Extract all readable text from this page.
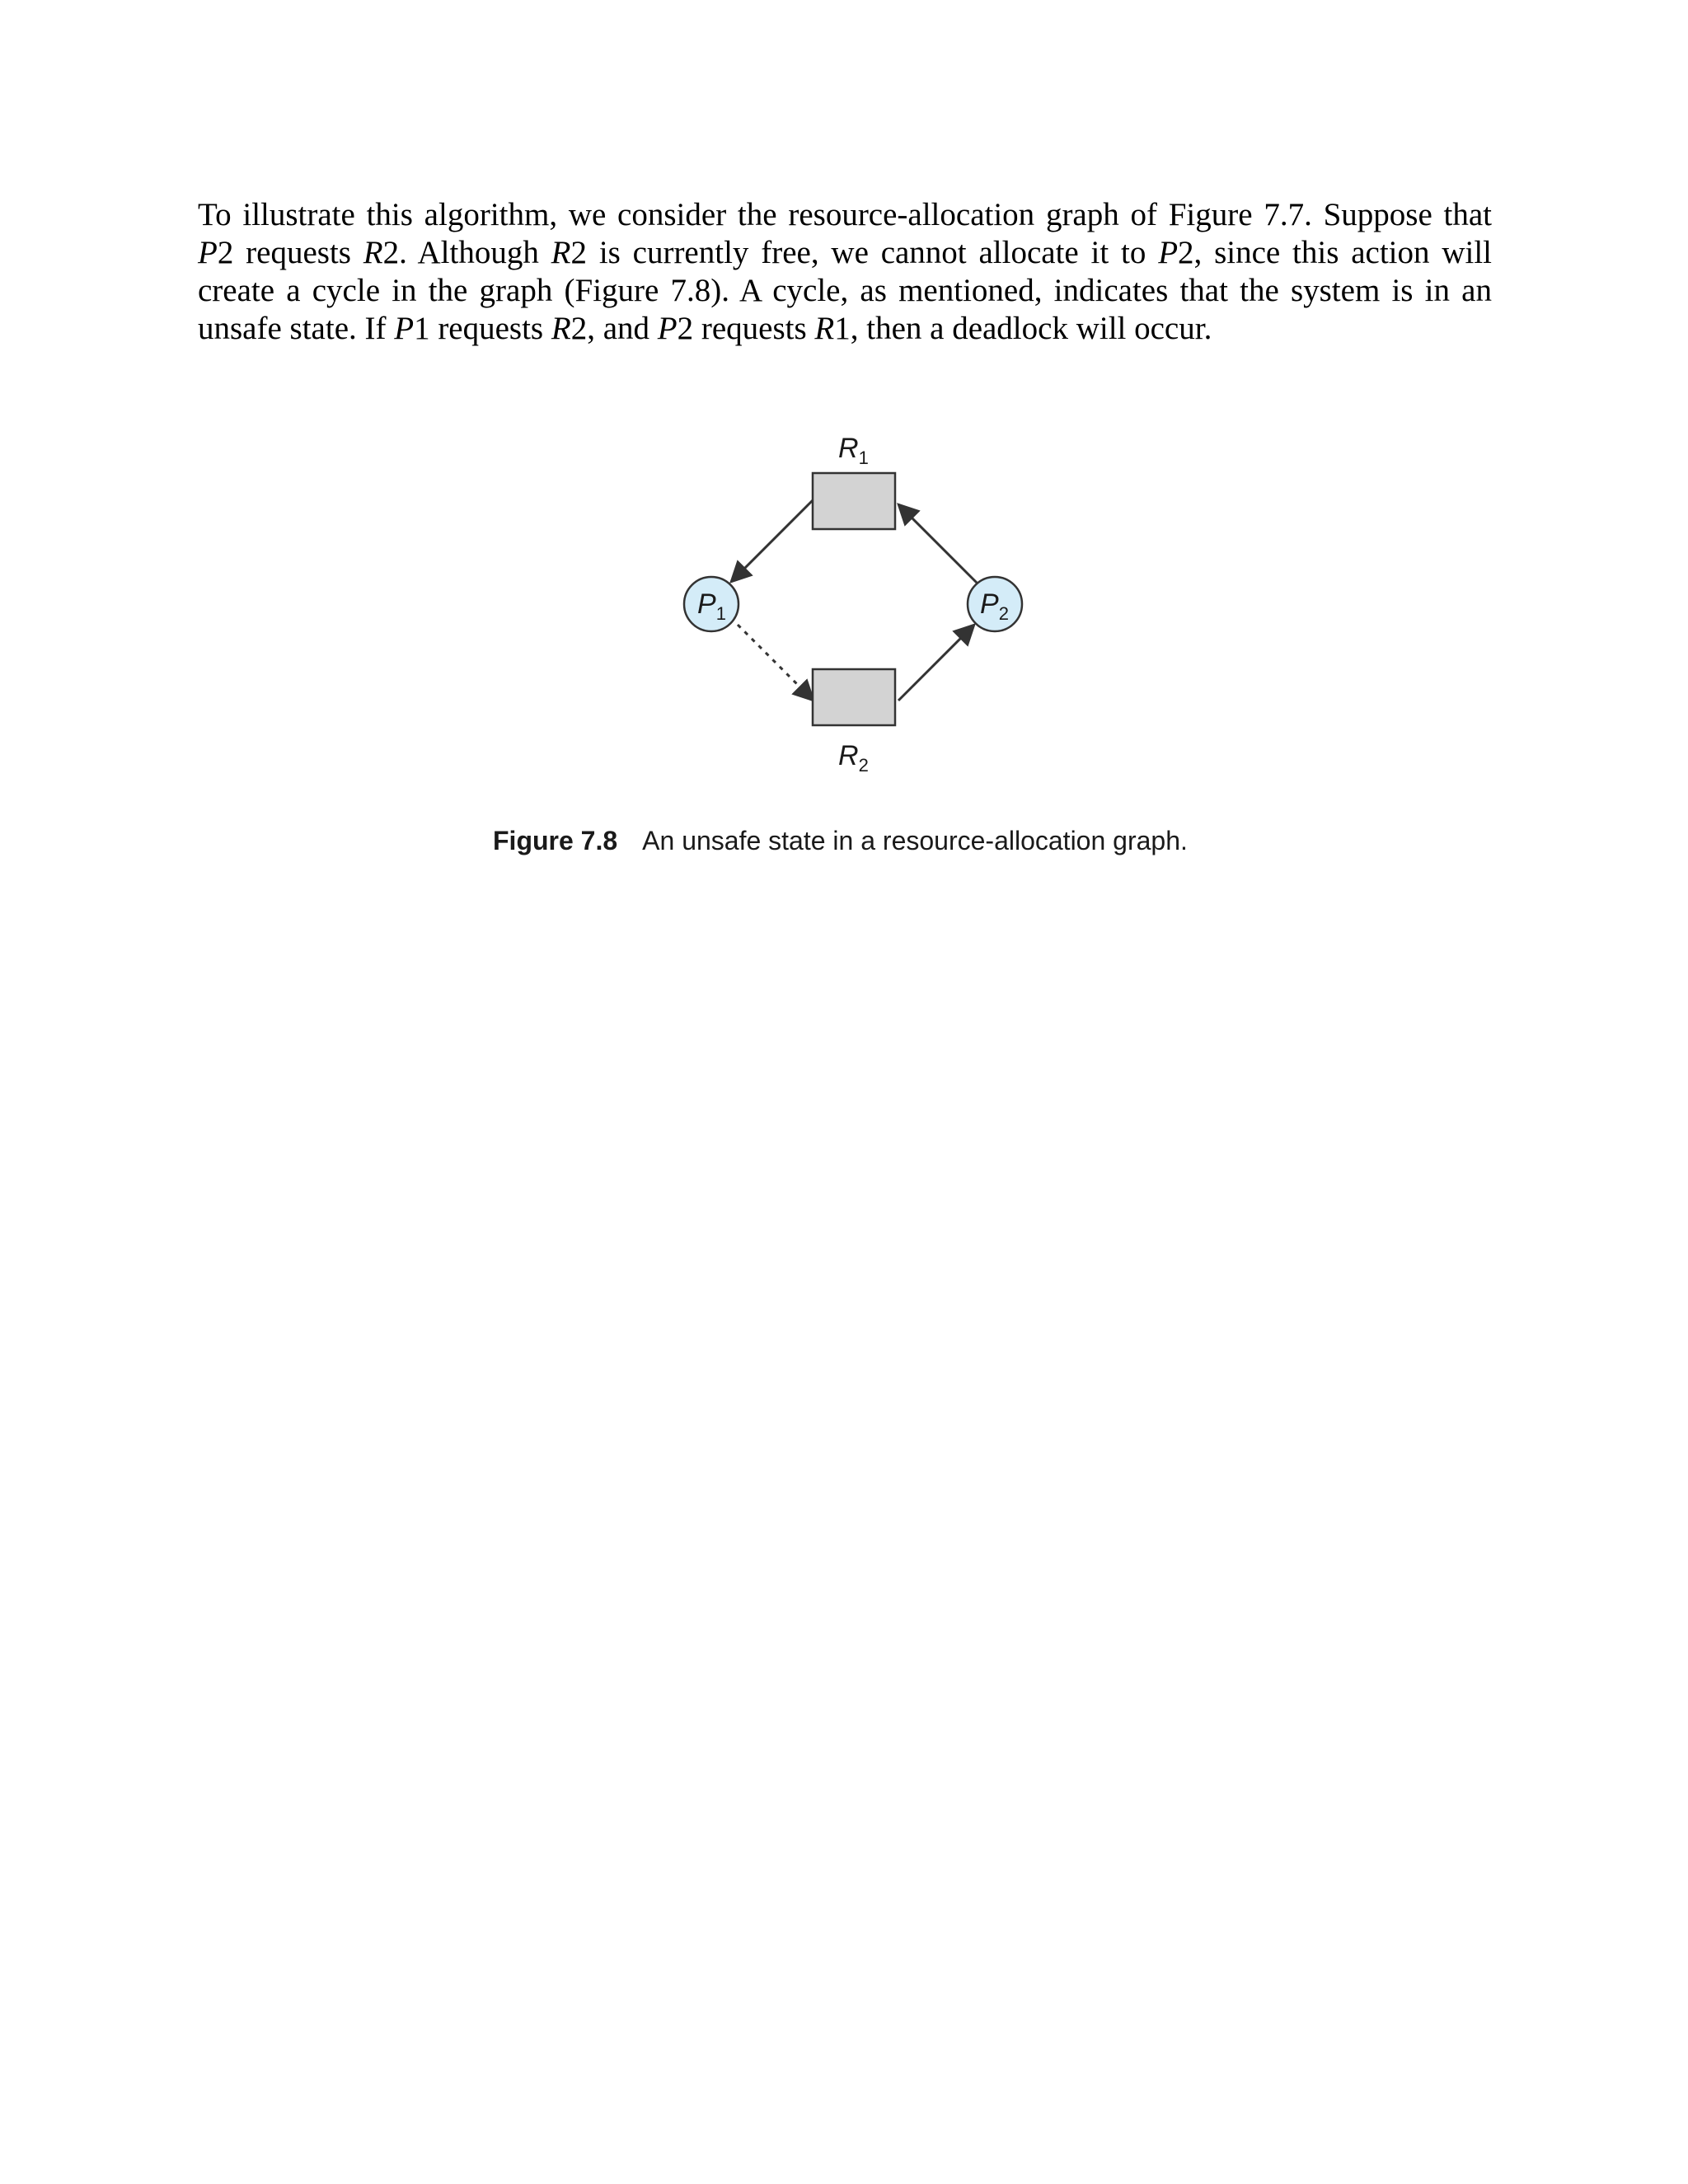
To illustrate this algorithm, we consider the resource-allocation graph of Figure 7.7. Suppose that P2 requests R2. Although R2 is currently free, we cannot allocate it to P2, since this action will create a cycle in the graph (Figure 7.8). A cycle, as mentioned, indicates that the system is in an unsafe state. If P1 requests R2, and P2 requests R1, then a deadlock will occur.

$R_1$
$R_2$
$P_1$	$P_2$
Figure 7.8 An unsafe state in a resource-allocation graph.
